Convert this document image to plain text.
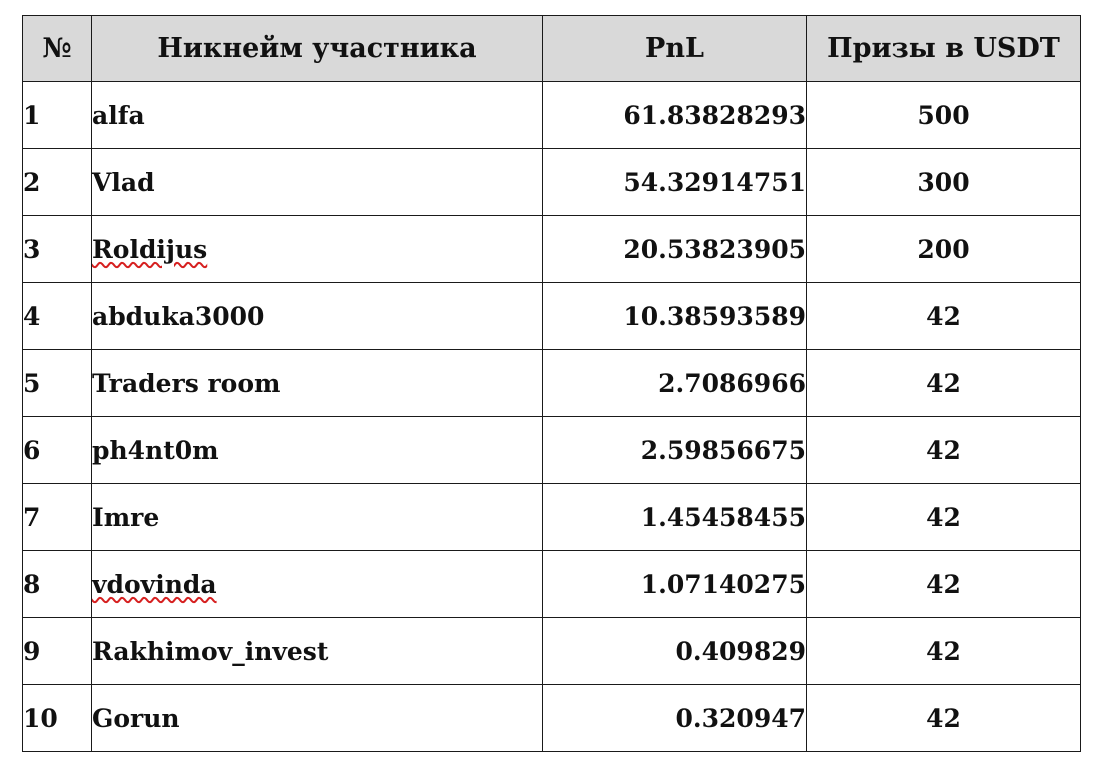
№	Никнейм участника	PnL	Призы в USDT
1	alfa	61.83828293	500
2	Vlad	54.32914751	300
3	Roldijus	20.53823905	200
4	abduka3000	10.38593589	42
5	Traders room	2.7086966	42
6	ph4nt0m	2.59856675	42
7	Imre	1.45458455	42
8	vdovinda	1.07140275	42
9	Rakhimov_invest	0.409829	42
10	Gorun	0.320947	42
